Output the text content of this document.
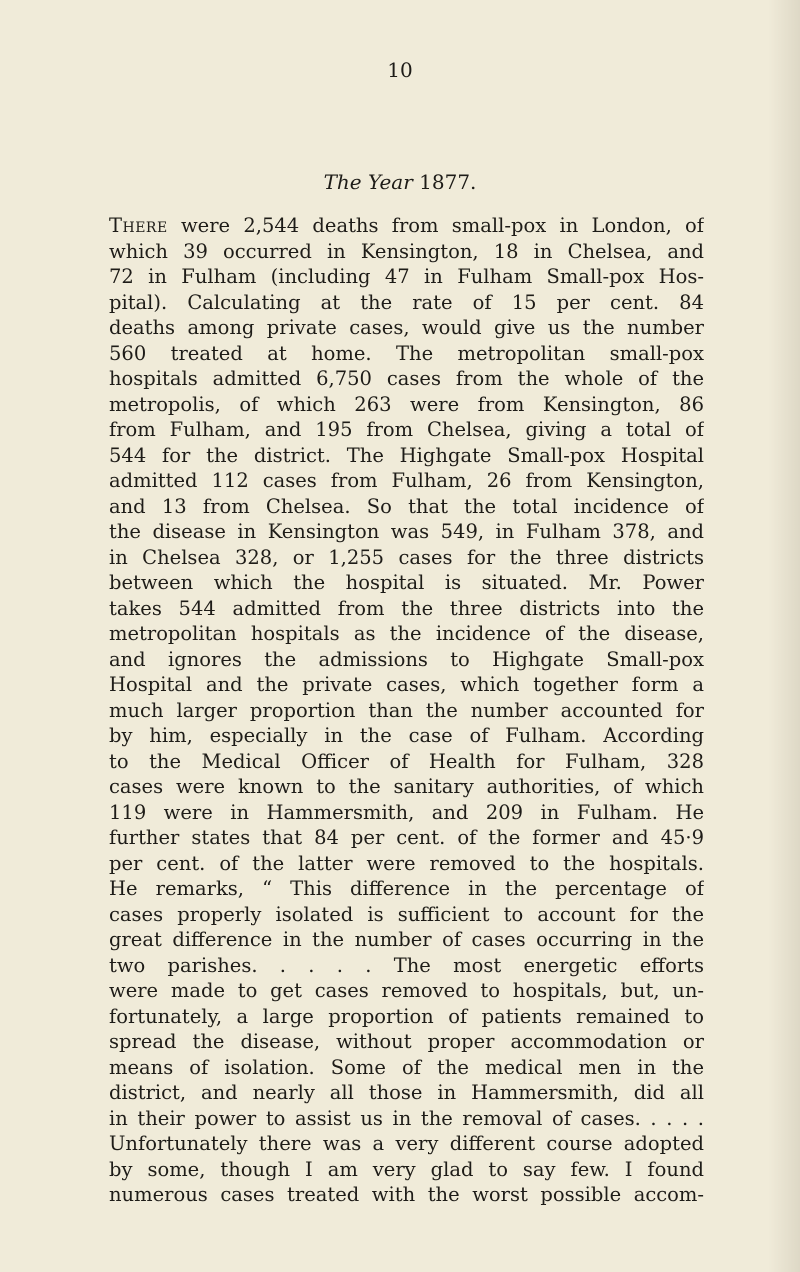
10
The Year 1877.
There were 2,544 deaths from small-pox in London, of
which 39 occurred in Kensington, 18 in Chelsea, and
72 in Fulham (including 47 in Fulham Small-pox Hos-
pital). Calculating at the rate of 15 per cent. 84
deaths among private cases, would give us the number
560 treated at home. The metropolitan small-pox
hospitals admitted 6,750 cases from the whole of the
metropolis, of which 263 were from Kensington, 86
from Fulham, and 195 from Chelsea, giving a total of
544 for the district. The Highgate Small-pox Hospital
admitted 112 cases from Fulham, 26 from Kensington,
and 13 from Chelsea. So that the total incidence of
the disease in Kensington was 549, in Fulham 378, and
in Chelsea 328, or 1,255 cases for the three districts
between which the hospital is situated. Mr. Power
takes 544 admitted from the three districts into the
metropolitan hospitals as the incidence of the disease,
and ignores the admissions to Highgate Small-pox
Hospital and the private cases, which together form a
much larger proportion than the number accounted for
by him, especially in the case of Fulham. According
to the Medical Officer of Health for Fulham, 328
cases were known to the sanitary authorities, of which
119 were in Hammersmith, and 209 in Fulham. He
further states that 84 per cent. of the former and 45·9
per cent. of the latter were removed to the hospitals.
He remarks, “ This difference in the percentage of
cases properly isolated is sufficient to account for the
great difference in the number of cases occurring in the
two parishes. . . . . The most energetic efforts
were made to get cases removed to hospitals, but, un-
fortunately, a large proportion of patients remained to
spread the disease, without proper accommodation or
means of isolation. Some of the medical men in the
district, and nearly all those in Hammersmith, did all
in their power to assist us in the removal of cases. . . . .
Unfortunately there was a very different course adopted
by some, though I am very glad to say few. I found
numerous cases treated with the worst possible accom-
